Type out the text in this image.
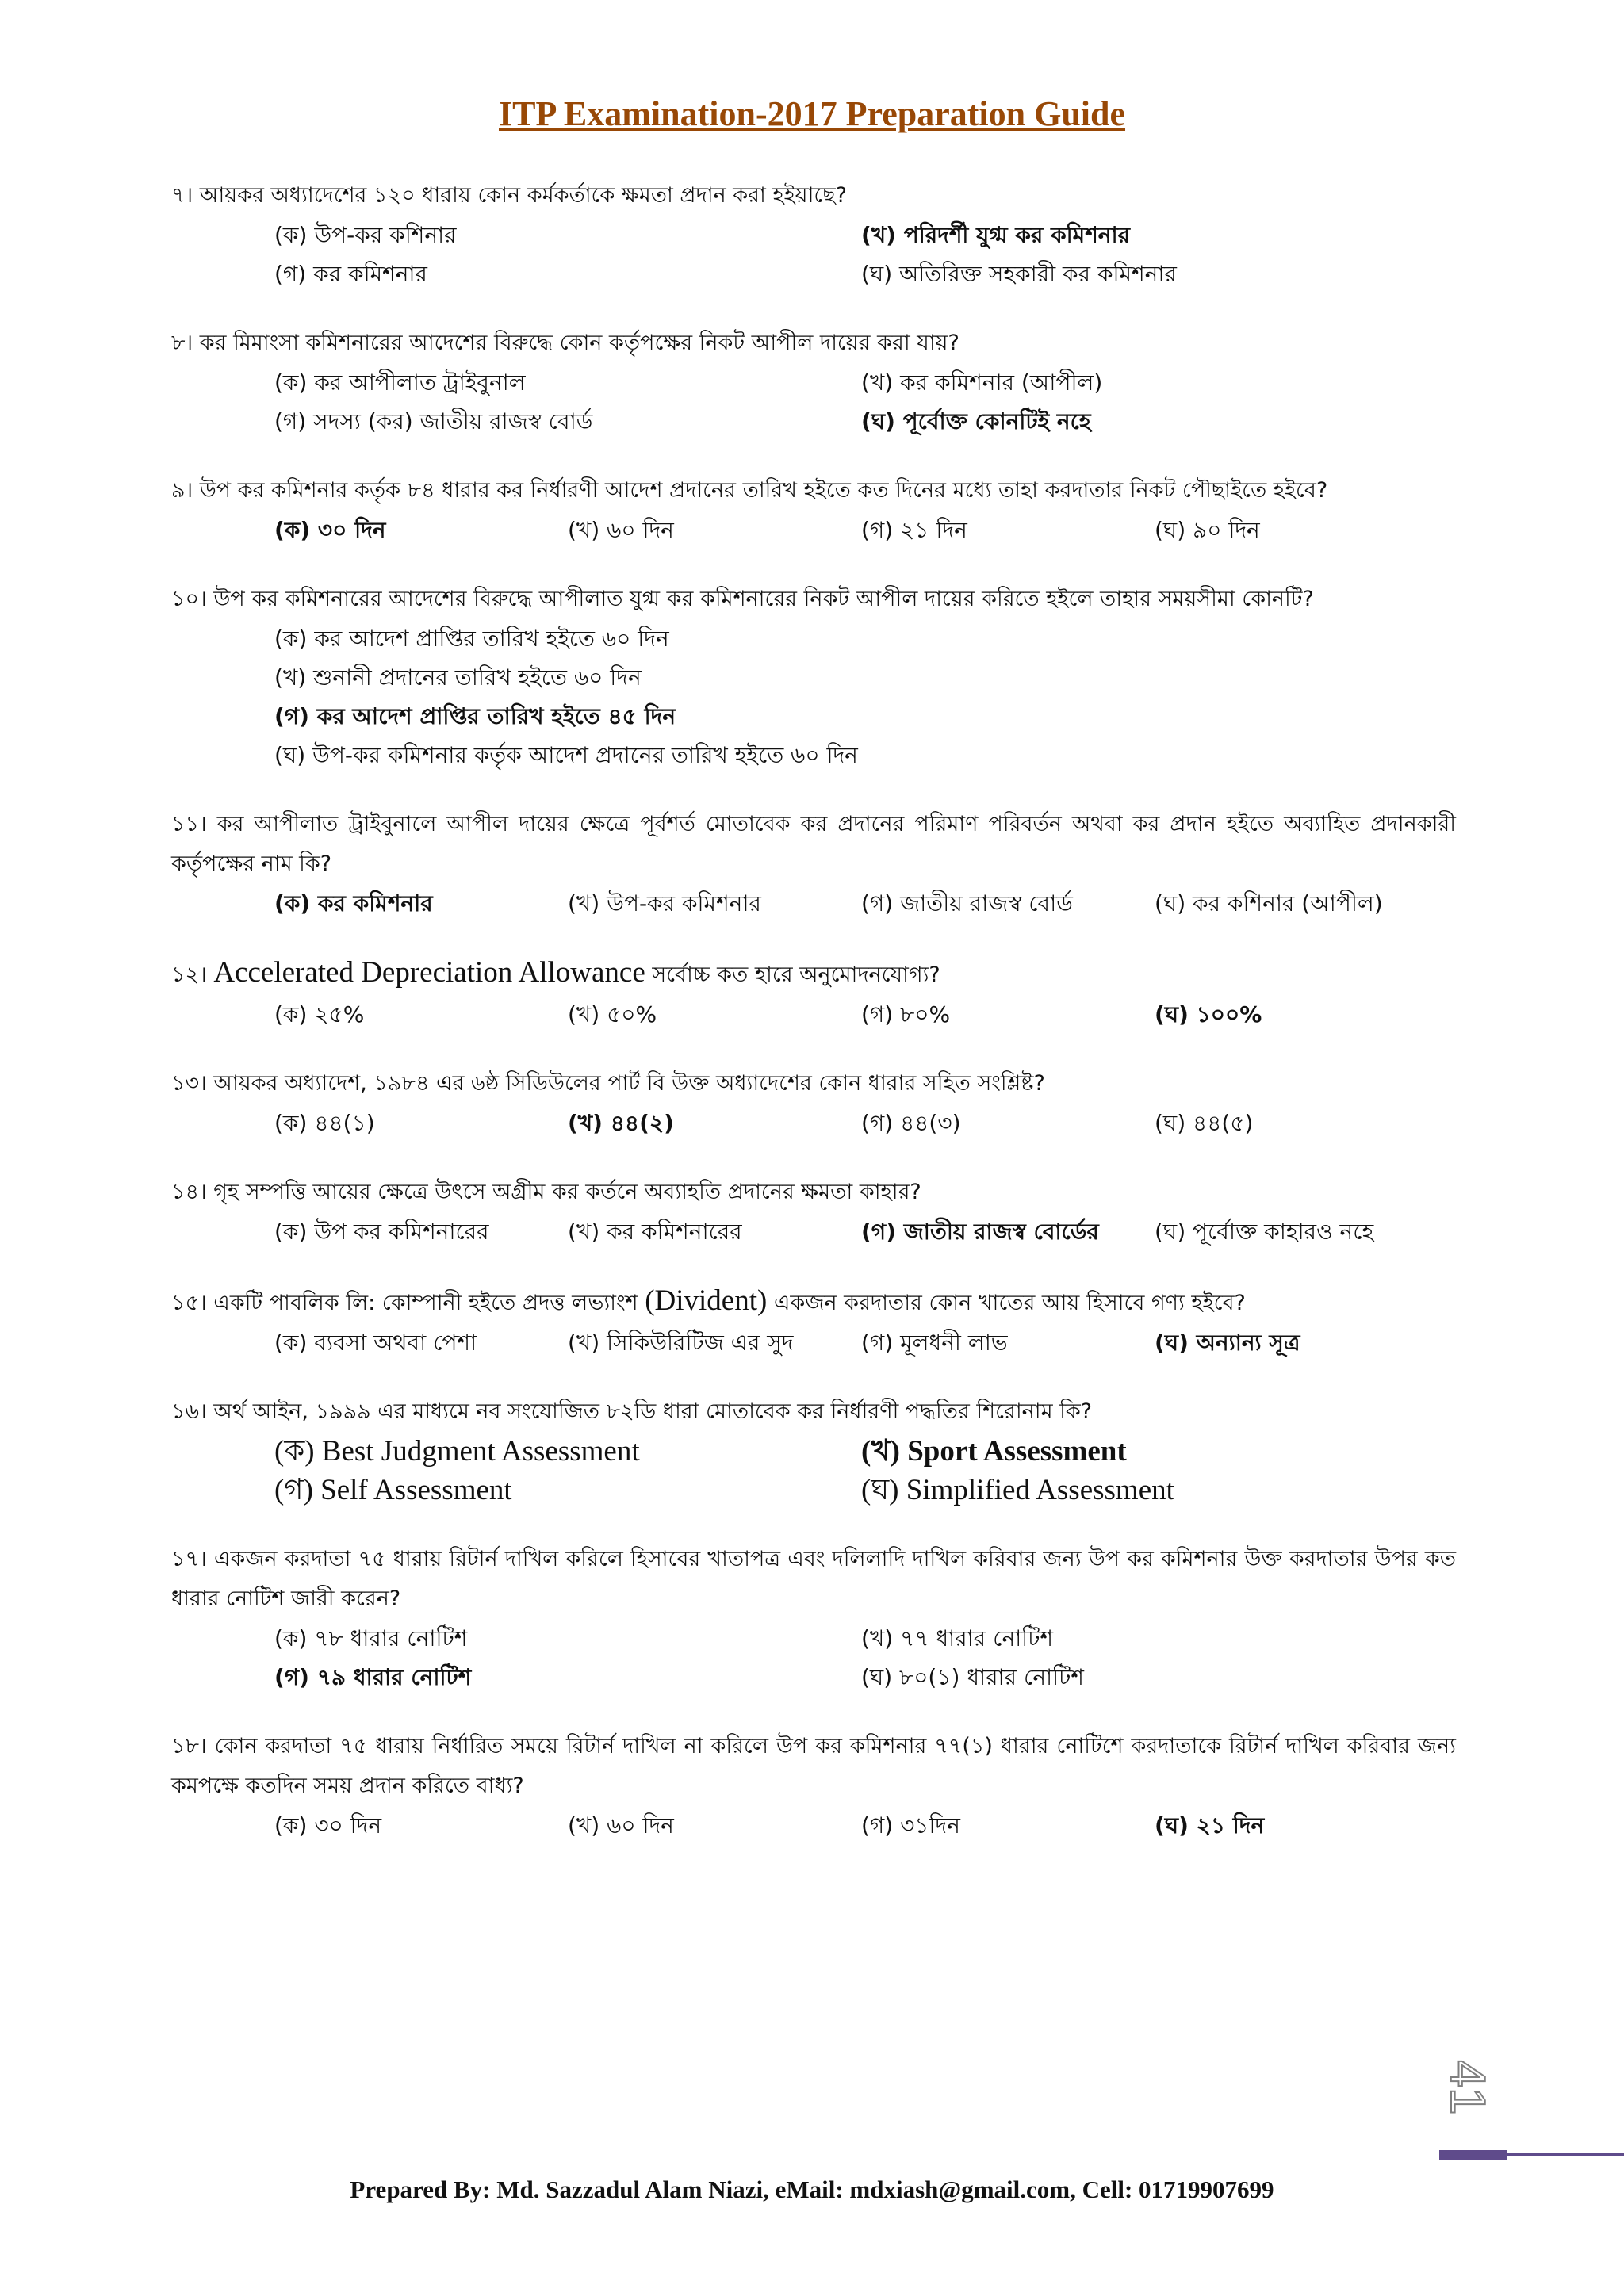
ITP Examination-2017 Preparation Guide

৭। আয়কর অধ্যাদেশের ১২০ ধারায় কোন কর্মকর্তাকে ক্ষমতা প্রদান করা হইয়াছে?

(ক) উপ-কর কশিনার	(খ) পরিদর্শী যুগ্ম কর কমিশনার
(গ) কর কমিশনার	(ঘ) অতিরিক্ত সহকারী কর কমিশনার

৮। কর মিমাংসা কমিশনারের আদেশের বিরুদ্ধে কোন কর্তৃপক্ষের নিকট আপীল দায়ের করা যায়?

(ক) কর আপীলাত ট্রাইবুনাল	(খ) কর কমিশনার (আপীল)
(গ) সদস্য (কর) জাতীয় রাজস্ব বোর্ড	(ঘ) পূর্বোক্ত কোনটিই নহে

৯। উপ কর কমিশনার কর্তৃক ৮৪ ধারার কর নির্ধারণী আদেশ প্রদানের তারিখ হইতে কত দিনের মধ্যে তাহা করদাতার নিকট পৌছাইতে হইবে?

(ক) ৩০ দিন	(খ) ৬০ দিন	(গ) ২১ দিন	(ঘ) ৯০ দিন

১০। উপ কর কমিশনারের আদেশের বিরুদ্ধে আপীলাত যুগ্ম কর কমিশনারের নিকট আপীল দায়ের করিতে হইলে তাহার সময়সীমা কোনটি?

(ক) কর আদেশ প্রাপ্তির তারিখ হইতে ৬০ দিন
(খ) শুনানী প্রদানের তারিখ হইতে ৬০ দিন
(গ) কর আদেশ প্রাপ্তির তারিখ হইতে ৪৫ দিন
(ঘ) উপ-কর কমিশনার কর্তৃক আদেশ প্রদানের তারিখ হইতে ৬০ দিন

১১। কর আপীলাত ট্রাইবুনালে আপীল দায়ের ক্ষেত্রে পূর্বশর্ত মোতাবেক কর প্রদানের পরিমাণ পরিবর্তন অথবা কর প্রদান হইতে অব্যাহিত প্রদানকারী কর্তৃপক্ষের নাম কি?

(ক) কর কমিশনার	(খ) উপ-কর কমিশনার	(গ) জাতীয় রাজস্ব বোর্ড	(ঘ) কর কশিনার (আপীল)

১২। Accelerated Depreciation Allowance সর্বোচ্চ কত হারে অনুমোদনযোগ্য?

(ক) ২৫%	(খ) ৫০%	(গ) ৮০%	(ঘ) ১০০%

১৩। আয়কর অধ্যাদেশ, ১৯৮৪ এর ৬ষ্ঠ সিডিউলের পার্ট বি উক্ত অধ্যাদেশের কোন ধারার সহিত সংশ্লিষ্ট?

(ক) ৪৪(১)	(খ) ৪৪(২)	(গ) ৪৪(৩)	(ঘ) ৪৪(৫)

১৪। গৃহ সম্পত্তি আয়ের ক্ষেত্রে উৎসে অগ্রীম কর কর্তনে অব্যাহতি প্রদানের ক্ষমতা কাহার?

(ক) উপ কর কমিশনারের	(খ) কর কমিশনারের	(গ) জাতীয় রাজস্ব বোর্ডের	(ঘ) পূর্বোক্ত কাহারও নহে

১৫। একটি পাবলিক লি: কোম্পানী হইতে প্রদত্ত লভ্যাংশ (Divident) একজন করদাতার কোন খাতের আয় হিসাবে গণ্য হইবে?

(ক) ব্যবসা অথবা পেশা	(খ) সিকিউরিটিজ এর সুদ	(গ) মূলধনী লাভ	(ঘ) অন্যান্য সূত্র

১৬। অর্থ আইন, ১৯৯৯ এর মাধ্যমে নব সংযোজিত ৮২ডি ধারা মোতাবেক কর নির্ধারণী পদ্ধতির শিরোনাম কি?

(ক) Best Judgment Assessment	(খ) Sport Assessment
(গ) Self Assessment	(ঘ) Simplified Assessment

১৭। একজন করদাতা ৭৫ ধারায় রিটার্ন দাখিল করিলে হিসাবের খাতাপত্র এবং দলিলাদি দাখিল করিবার জন্য উপ কর কমিশনার উক্ত করদাতার উপর কত ধারার নোটিশ জারী করেন?

(ক) ৭৮ ধারার নোটিশ	(খ) ৭৭ ধারার নোটিশ
(গ) ৭৯ ধারার নোটিশ	(ঘ) ৮০(১) ধারার নোটিশ

১৮। কোন করদাতা ৭৫ ধারায় নির্ধারিত সময়ে রিটার্ন দাখিল না করিলে উপ কর কমিশনার ৭৭(১) ধারার নোটিশে করদাতাকে রিটার্ন দাখিল করিবার জন্য কমপক্ষে কতদিন সময় প্রদান করিতে বাধ্য?

(ক) ৩০ দিন	(খ) ৬০ দিন	(গ) ৩১দিন	(ঘ) ২১ দিন
41
Prepared By: Md. Sazzadul Alam Niazi, eMail: mdxiash@gmail.com, Cell: 01719907699
